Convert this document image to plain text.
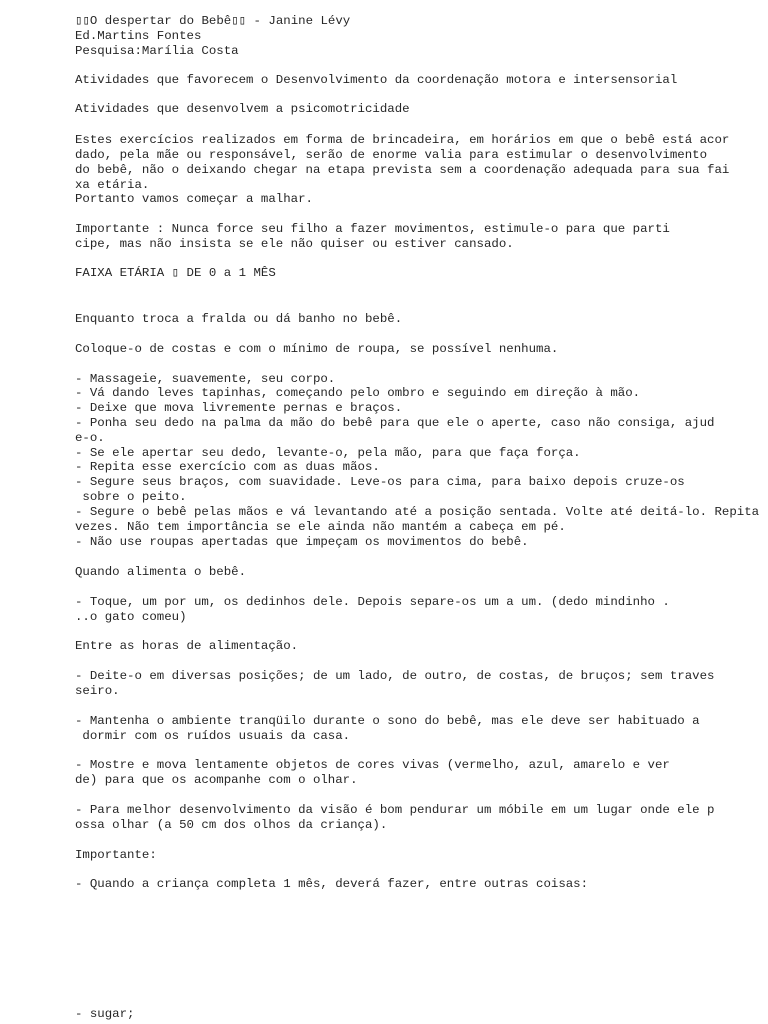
▯▯O despertar do Bebê▯▯ - Janine Lévy

Ed.Martins Fontes

Pesquisa:Marília Costa

Atividades que favorecem o Desenvolvimento da coordenação motora e intersensorial

Atividades que desenvolvem a psicomotricidade

Estes exercícios realizados em forma de brincadeira, em horários em que o bebê está acor

dado, pela mãe ou responsável, serão de enorme valia para estimular o desenvolvimento

do bebê, não o deixando chegar na etapa prevista sem a coordenação adequada para sua fai

xa etária.

Portanto vamos começar a malhar.

Importante : Nunca force seu filho a fazer movimentos, estimule-o para que parti

cipe, mas não insista se ele não quiser ou estiver cansado.

FAIXA ETÁRIA ▯ DE 0 a 1 MÊS

Enquanto troca a fralda ou dá banho no bebê.

Coloque-o de costas e com o mínimo de roupa, se possível nenhuma.

- Massageie, suavemente, seu corpo.

- Vá dando leves tapinhas, começando pelo ombro e seguindo em direção à mão.

- Deixe que mova livremente pernas e braços.

- Ponha seu dedo na palma da mão do bebê para que ele o aperte, caso não consiga, ajud

e-o.

- Se ele apertar seu dedo, levante-o, pela mão, para que faça força.

- Repita esse exercício com as duas mãos.

- Segure seus braços, com suavidade. Leve-os para cima, para baixo depois cruze-os

sobre o peito.

- Segure o bebê pelas mãos e vá levantando até a posição sentada. Volte até deitá-lo. Repita

vezes. Não tem importância se ele ainda não mantém a cabeça em pé.

- Não use roupas apertadas que impeçam os movimentos do bebê.

Quando alimenta o bebê.

- Toque, um por um, os dedinhos dele. Depois separe-os um a um. (dedo mindinho .

..o gato comeu)

Entre as horas de alimentação.

- Deite-o em diversas posições; de um lado, de outro, de costas, de bruços; sem traves

seiro.

- Mantenha o ambiente tranqüilo durante o sono do bebê, mas ele deve ser habituado a

dormir com os ruídos usuais da casa.

- Mostre e mova lentamente objetos de cores vivas (vermelho, azul, amarelo e ver

de) para que os acompanhe com o olhar.

- Para melhor desenvolvimento da visão é bom pendurar um móbile em um lugar onde ele p

ossa olhar (a 50 cm dos olhos da criança).

Importante:

- Quando a criança completa 1 mês, deverá fazer, entre outras coisas:

- sugar;
